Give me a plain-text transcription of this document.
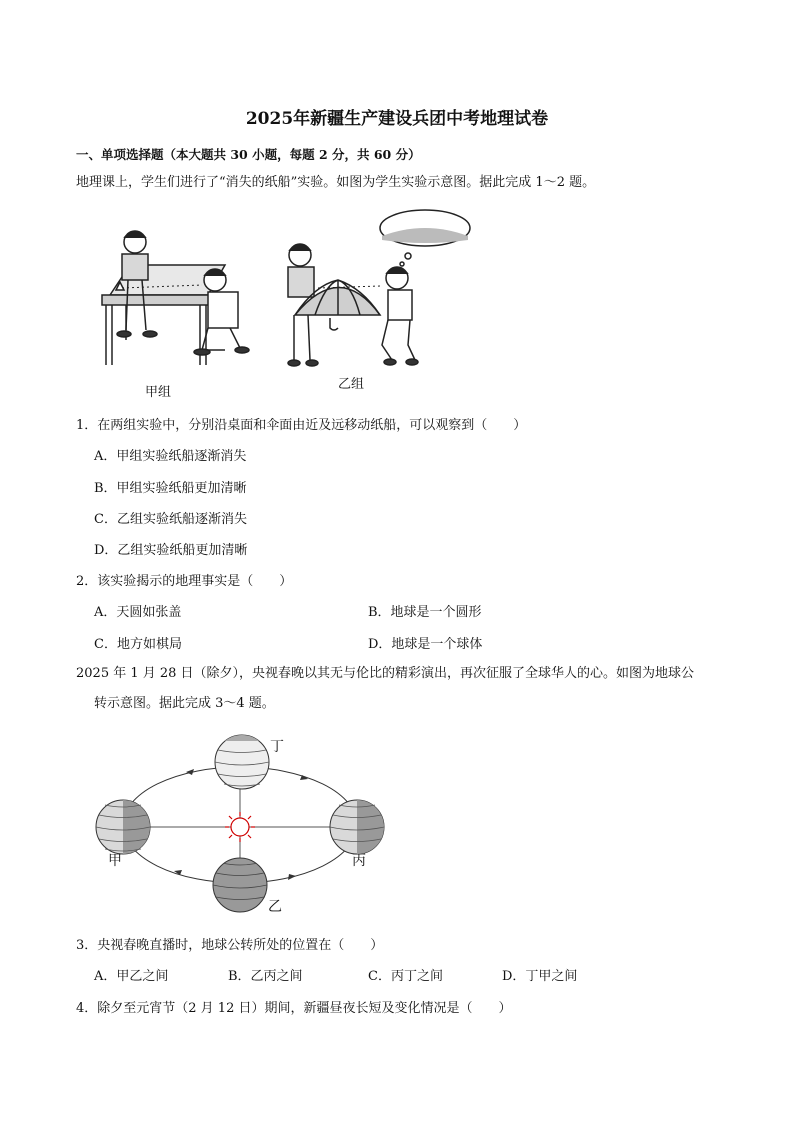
2025年新疆生产建设兵团中考地理试卷
一、单项选择题（本大题共 30 小题，每题 2 分，共 60 分）
地理课上，学生们进行了“消失的纸船”实验。如图为学生实验示意图。据此完成 1～2 题。
甲组
乙组
1．在两组实验中，分别沿桌面和伞面由近及远移动纸船，可以观察到（　　）
A．甲组实验纸船逐渐消失
B．甲组实验纸船更加清晰
C．乙组实验纸船逐渐消失
D．乙组实验纸船更加清晰
2．该实验揭示的地理事实是（　　）
A．天圆如张盖	B．地球是一个圆形
C．地方如棋局	D．地球是一个球体
2025 年 1 月 28 日（除夕），央视春晚以其无与伦比的精彩演出，再次征服了全球华人的心。如图为地球公
转示意图。据此完成 3～4 题。
甲
乙
丙
丁
3．央视春晚直播时，地球公转所处的位置在（　　）
A．甲乙之间	B．乙丙之间	C．丙丁之间	D．丁甲之间
4．除夕至元宵节（2 月 12 日）期间，新疆昼夜长短及变化情况是（　　）
